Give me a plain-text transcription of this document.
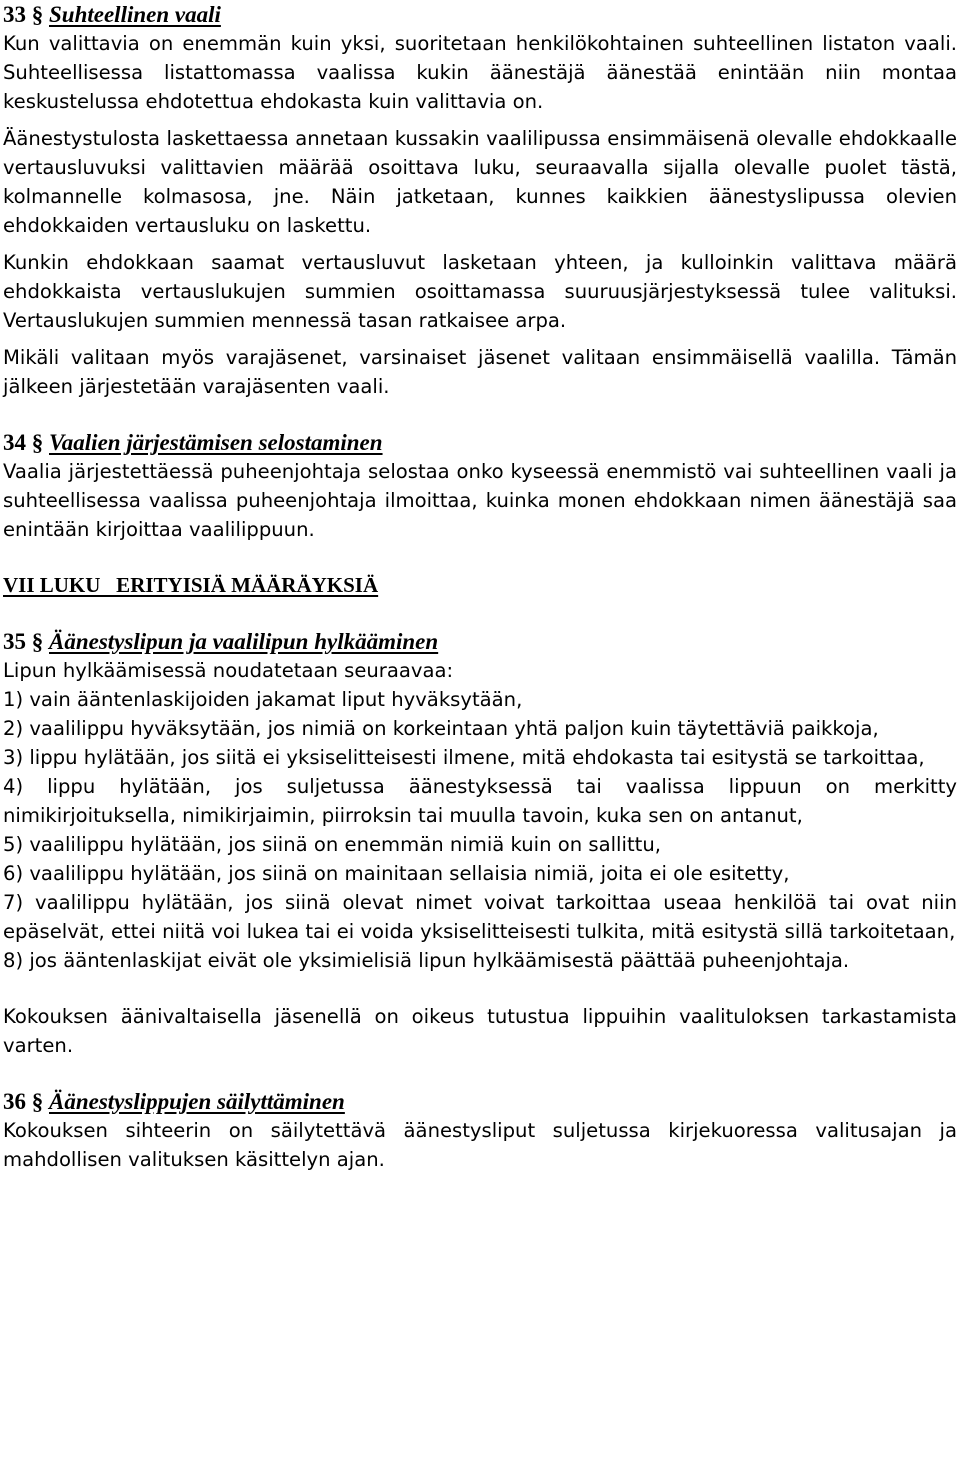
33 § Suhteellinen vaali

Kun valittavia on enemmän kuin yksi, suoritetaan henkilökohtainen suhteellinen listaton vaali. Suhteellisessa listattomassa vaalissa kukin äänestäjä äänestää enintään niin montaa keskustelussa ehdotettua ehdokasta kuin valittavia on.

Äänestystulosta laskettaessa annetaan kussakin vaalilipussa ensimmäisenä olevalle ehdokkaalle vertausluvuksi valittavien määrää osoittava luku, seuraavalla sijalla olevalle puolet tästä, kolmannelle kolmasosa, jne. Näin jatketaan, kunnes kaikkien äänestyslipussa olevien ehdokkaiden vertausluku on laskettu.

Kunkin ehdokkaan saamat vertausluvut lasketaan yhteen, ja kulloinkin valittava määrä ehdokkaista vertauslukujen summien osoittamassa suuruusjärjestyksessä tulee valituksi. Vertauslukujen summien mennessä tasan ratkaisee arpa.

Mikäli valitaan myös varajäsenet, varsinaiset jäsenet valitaan ensimmäisellä vaalilla. Tämän jälkeen järjestetään varajäsenten vaali.

34 § Vaalien järjestämisen selostaminen

Vaalia järjestettäessä puheenjohtaja selostaa onko kyseessä enemmistö vai suhteellinen vaali ja suhteellisessa vaalissa puheenjohtaja ilmoittaa, kuinka monen ehdokkaan nimen äänestäjä saa enintään kirjoittaa vaalilippuun.

VII LUKU   ERITYISIÄ MÄÄRÄYKSIÄ
35 § Äänestyslipun ja vaalilipun hylkääminen

Lipun hylkäämisessä noudatetaan seuraavaa:

1) vain ääntenlaskijoiden jakamat liput hyväksytään,

2) vaalilippu hyväksytään, jos nimiä on korkeintaan yhtä paljon kuin täytettäviä paikkoja,

3) lippu hylätään, jos siitä ei yksiselitteisesti ilmene, mitä ehdokasta tai esitystä se tarkoittaa,

4) lippu hylätään, jos suljetussa äänestyksessä tai vaalissa lippuun on merkitty nimikirjoituksella, nimikirjaimin, piirroksin tai muulla tavoin, kuka sen on antanut,

5) vaalilippu hylätään, jos siinä on enemmän nimiä kuin on sallittu,

6) vaalilippu hylätään, jos siinä on mainitaan sellaisia nimiä, joita ei ole esitetty,

7) vaalilippu hylätään, jos siinä olevat nimet voivat tarkoittaa useaa henkilöä tai ovat niin epäselvät, ettei niitä voi lukea tai ei voida yksiselitteisesti tulkita, mitä esitystä sillä tarkoitetaan,

8) jos ääntenlaskijat eivät ole yksimielisiä lipun hylkäämisestä päättää puheenjohtaja.

Kokouksen äänivaltaisella jäsenellä on oikeus tutustua lippuihin vaalituloksen tarkastamista varten.

36 § Äänestyslippujen säilyttäminen

Kokouksen sihteerin on säilytettävä äänestysliput suljetussa kirjekuoressa valitusajan ja mahdollisen valituksen käsittelyn ajan.
